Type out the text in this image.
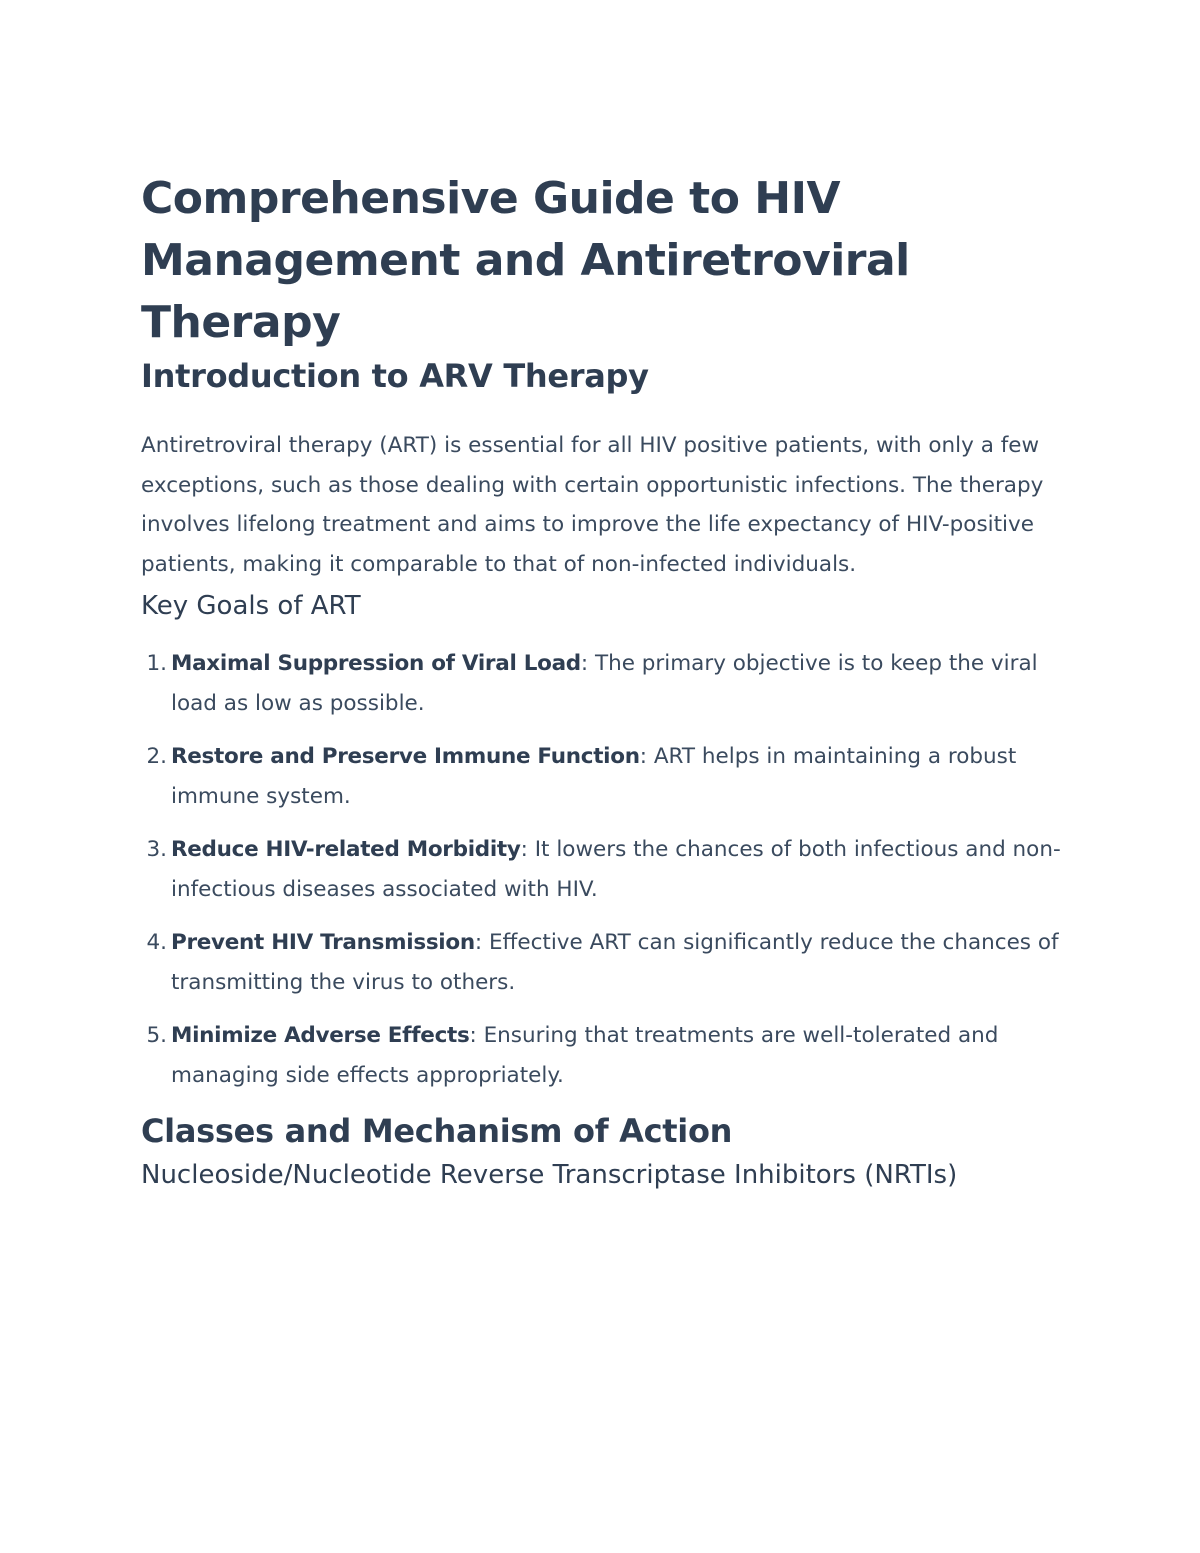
Comprehensive Guide to HIV Management and Antiretroviral Therapy
Introduction to ARV Therapy

Antiretroviral therapy (ART) is essential for all HIV positive patients, with only a few exceptions, such as those dealing with certain opportunistic infections. The therapy involves lifelong treatment and aims to improve the life expectancy of HIV-positive patients, making it comparable to that of non-infected individuals.

Key Goals of ART
1. Maximal Suppression of Viral Load: The primary objective is to keep the viral load as low as possible.
2. Restore and Preserve Immune Function: ART helps in maintaining a robust immune system.
3. Reduce HIV-related Morbidity: It lowers the chances of both infectious and non-infectious diseases associated with HIV.
4. Prevent HIV Transmission: Effective ART can significantly reduce the chances of transmitting the virus to others.
5. Minimize Adverse Effects: Ensuring that treatments are well-tolerated and managing side effects appropriately.
Classes and Mechanism of Action
Nucleoside/Nucleotide Reverse Transcriptase Inhibitors (NRTIs)
